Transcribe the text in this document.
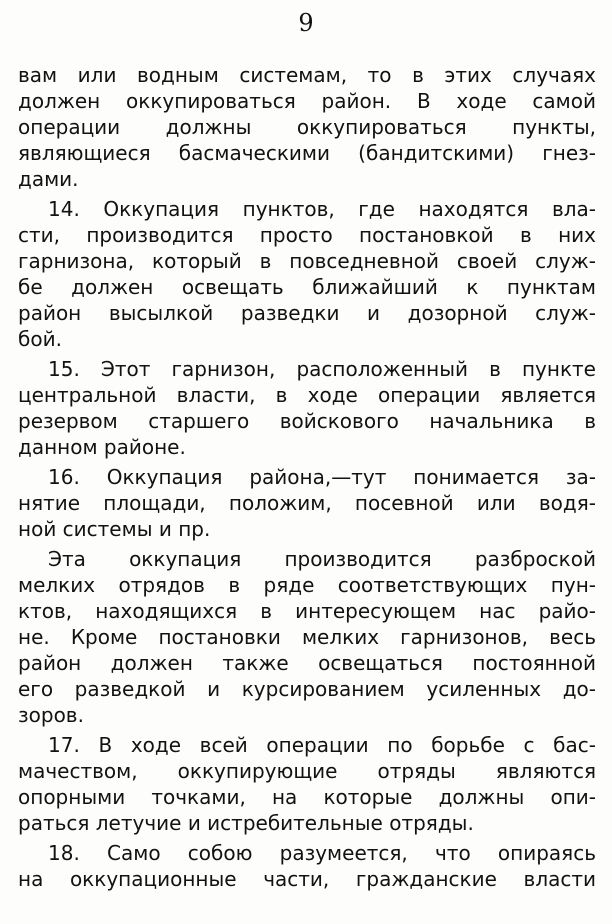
9
вам или водным системам, то в этих случаях
должен оккупироваться район. В ходе самой
операции должны оккупироваться пункты,
являющиеся басмаческими (бандитскими) гнез-
дами.
14. Оккупация пунктов, где находятся вла-
сти, производится просто постановкой в них
гарнизона, который в повседневной своей служ-
бе должен освещать ближайший к пунктам
район высылкой разведки и дозорной служ-
бой.
15. Этот гарнизон, расположенный в пункте
центральной власти, в ходе операции является
резервом старшего войскового начальника в
данном районе.
16. Оккупация района,—тут понимается за-
нятие площади, положим, посевной или водя-
ной системы и пр.
Эта оккупация производится разброской
мелких отрядов в ряде соответствующих пун-
ктов, находящихся в интересующем нас райо-
не. Кроме постановки мелких гарнизонов, весь
район должен также освещаться постоянной
его разведкой и курсированием усиленных до-
зоров.
17. В ходе всей операции по борьбе с бас-
мачеством, оккупирующие отряды являются
опорными точками, на которые должны опи-
раться летучие и истребительные отряды.
18. Само собою разумеется, что опираясь
на оккупационные части, гражданские власти
